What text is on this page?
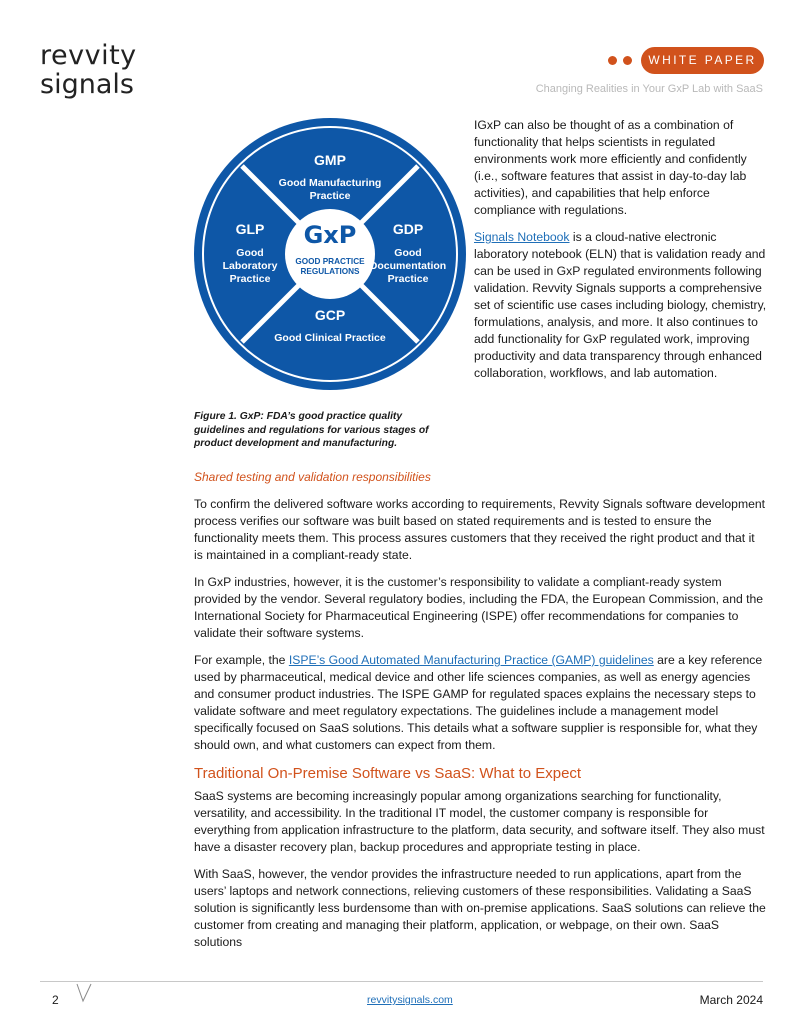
revvity
signals
WHITE PAPER
Changing Realities in Your GxP Lab with SaaS
GxP
GOOD PRACTICE
REGULATIONS
GMP
Good Manufacturing
Practice
GLP
Good
Laboratory
Practice
GDP
Good
Documentation
Practice
GCP
Good Clinical Practice

IGxP can also be thought of as a combination of functionality that helps scientists in regulated environments work more efficiently and confidently (i.e., software features that assist in day-to-day lab activities), and capabilities that help enforce compliance with regulations.

Signals Notebook is a cloud-native electronic laboratory notebook (ELN) that is validation ready and can be used in GxP regulated environments following validation. Revvity Signals supports a comprehensive set of scientific use cases including biology, chemistry, formulations, analysis, and more. It also continues to add functionality for GxP regulated work, improving productivity and data transparency through enhanced collaboration, workflows, and lab automation.

Figure 1. GxP: FDA’s good practice quality guidelines and regulations for various stages of product development and manufacturing.

Shared testing and validation responsibilities

To confirm the delivered software works according to requirements, Revvity Signals software development process verifies our software was built based on stated requirements and is tested to ensure the functionality meets them. This process assures customers that they received the right product and that it is maintained in a compliant-ready state.

In GxP industries, however, it is the customer’s responsibility to validate a compliant-ready system provided by the vendor. Several regulatory bodies, including the FDA, the European Commission, and the International Society for Pharmaceutical Engineering (ISPE) offer recommendations for companies to validate their software systems.

For example, the ISPE’s Good Automated Manufacturing Practice (GAMP) guidelines are a key reference used by pharmaceutical, medical device and other life sciences companies, as well as energy agencies and consumer product industries. The ISPE GAMP for regulated spaces explains the necessary steps to validate software and meet regulatory expectations. The guidelines include a management model specifically focused on SaaS solutions. This details what a software supplier is responsible for, what they should own, and what customers can expect from them.

Traditional On-Premise Software vs SaaS: What to Expect

SaaS systems are becoming increasingly popular among organizations searching for functionality, versatility, and accessibility. In the traditional IT model, the customer company is responsible for everything from application infrastructure to the platform, data security, and software itself. They also must have a disaster recovery plan, backup procedures and appropriate testing in place.

With SaaS, however, the vendor provides the infrastructure needed to run applications, apart from the users’ laptops and network connections, relieving customers of these responsibilities. Validating a SaaS solution is significantly less burdensome than with on-premise applications. SaaS solutions can relieve the customer from creating and managing their platform, application, or webpage, on their own. SaaS solutions

2	revvitysignals.com	March 2024
